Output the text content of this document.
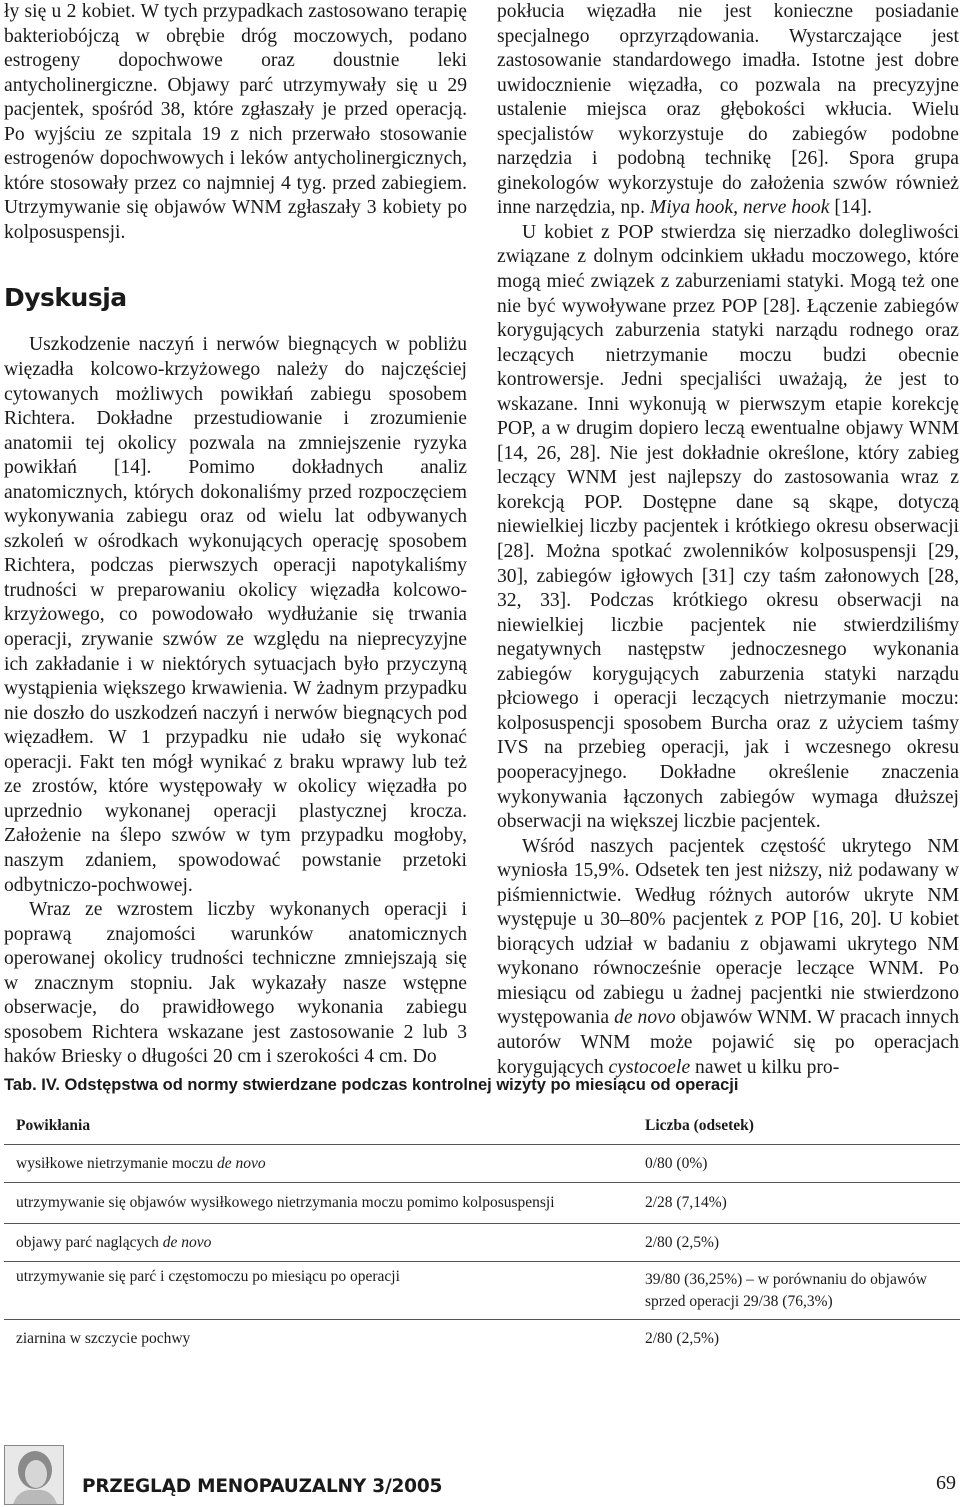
ły się u 2 kobiet. W tych przypadkach zastosowano terapię bakteriobójczą w obrębie dróg moczowych, podano estrogeny dopochwowe oraz doustnie leki antycholinergiczne. Objawy parć utrzymywały się u 29 pacjentek, spośród 38, które zgłaszały je przed operacją. Po wyjściu ze szpitala 19 z nich przerwało stosowanie estrogenów dopochwowych i leków antycholinergicznych, które stosowały przez co najmniej 4 tyg. przed zabiegiem. Utrzymywanie się objawów WNM zgłaszały 3 kobiety po kolposuspensji.

Dyskusja

Uszkodzenie naczyń i nerwów biegnących w pobliżu więzadła kolcowo-krzyżowego należy do najczęściej cytowanych możliwych powikłań zabiegu sposobem Richtera. Dokładne przestudiowanie i zrozumienie anatomii tej okolicy pozwala na zmniejszenie ryzyka powikłań [14]. Pomimo dokładnych analiz anatomicznych, których dokonaliśmy przed rozpoczęciem wykonywania zabiegu oraz od wielu lat odbywanych szkoleń w ośrodkach wykonujących operację sposobem Richtera, podczas pierwszych operacji napotykaliśmy trudności w preparowaniu okolicy więzadła kolcowo-krzyżowego, co powodowało wydłużanie się trwania operacji, zrywanie szwów ze względu na nieprecyzyjne ich zakładanie i w niektórych sytuacjach było przyczyną wystąpienia większego krwawienia. W żadnym przypadku nie doszło do uszkodzeń naczyń i nerwów biegnących pod więzadłem. W 1 przypadku nie udało się wykonać operacji. Fakt ten mógł wynikać z braku wprawy lub też ze zrostów, które występowały w okolicy więzadła po uprzednio wykonanej operacji plastycznej krocza. Założenie na ślepo szwów w tym przypadku mogłoby, naszym zdaniem, spowodować powstanie przetoki odbytniczo-pochwowej.

Wraz ze wzrostem liczby wykonanych operacji i poprawą znajomości warunków anatomicznych operowanej okolicy trudności techniczne zmniejszają się w znacznym stopniu. Jak wykazały nasze wstępne obserwacje, do prawidłowego wykonania zabiegu sposobem Richtera wskazane jest zastosowanie 2 lub 3 haków Briesky o długości 20 cm i szerokości 4 cm. Do

pokłucia więzadła nie jest konieczne posiadanie specjalnego oprzyrządowania. Wystarczające jest zastosowanie standardowego imadła. Istotne jest dobre uwidocznienie więzadła, co pozwala na precyzyjne ustalenie miejsca oraz głębokości wkłucia. Wielu specjalistów wykorzystuje do zabiegów podobne narzędzia i podobną technikę [26]. Spora grupa ginekologów wykorzystuje do założenia szwów również inne narzędzia, np. Miya hook, nerve hook [14].

U kobiet z POP stwierdza się nierzadko dolegliwości związane z dolnym odcinkiem układu moczowego, które mogą mieć związek z zaburzeniami statyki. Mogą też one nie być wywoływane przez POP [28]. Łączenie zabiegów korygujących zaburzenia statyki narządu rodnego oraz leczących nietrzymanie moczu budzi obecnie kontrowersje. Jedni specjaliści uważają, że jest to wskazane. Inni wykonują w pierwszym etapie korekcję POP, a w drugim dopiero leczą ewentualne objawy WNM [14, 26, 28]. Nie jest dokładnie określone, który zabieg leczący WNM jest najlepszy do zastosowania wraz z korekcją POP. Dostępne dane są skąpe, dotyczą niewielkiej liczby pacjentek i krótkiego okresu obserwacji [28]. Można spotkać zwolenników kolposuspensji [29, 30], zabiegów igłowych [31] czy taśm załonowych [28, 32, 33]. Podczas krótkiego okresu obserwacji na niewielkiej liczbie pacjentek nie stwierdziliśmy negatywnych następstw jednoczesnego wykonania zabiegów korygujących zaburzenia statyki narządu płciowego i operacji leczących nietrzymanie moczu: kolposuspencji sposobem Burcha oraz z użyciem taśmy IVS na przebieg operacji, jak i wczesnego okresu pooperacyjnego. Dokładne określenie znaczenia wykonywania łączonych zabiegów wymaga dłuższej obserwacji na większej liczbie pacjentek.

Wśród naszych pacjentek częstość ukrytego NM wyniosła 15,9%. Odsetek ten jest niższy, niż podawany w piśmiennictwie. Według różnych autorów ukryte NM występuje u 30–80% pacjentek z POP [16, 20]. U kobiet biorących udział w badaniu z objawami ukrytego NM wykonano równocześnie operacje leczące WNM. Po miesiącu od zabiegu u żadnej pacjentki nie stwierdzono występowania de novo objawów WNM. W pracach innych autorów WNM może pojawić się po operacjach korygujących cystocoele nawet u kilku pro-

Tab. IV. Odstępstwa od normy stwierdzane podczas kontrolnej wizyty po miesiącu od operacji
Powikłania	Liczba (odsetek)
wysiłkowe nietrzymanie moczu de novo	0/80 (0%)
utrzymywanie się objawów wysiłkowego nietrzymania moczu pomimo kolposuspensji	2/28 (7,14%)
objawy parć naglących de novo	2/80 (2,5%)
utrzymywanie się parć i częstomoczu po miesiącu po operacji	39/80 (36,25%) – w porównaniu do objawów sprzed operacji 29/38 (76,3%)
ziarnina w szczycie pochwy	2/80 (2,5%)
PRZEGLĄD MENOPAUZALNY 3/2005	69
